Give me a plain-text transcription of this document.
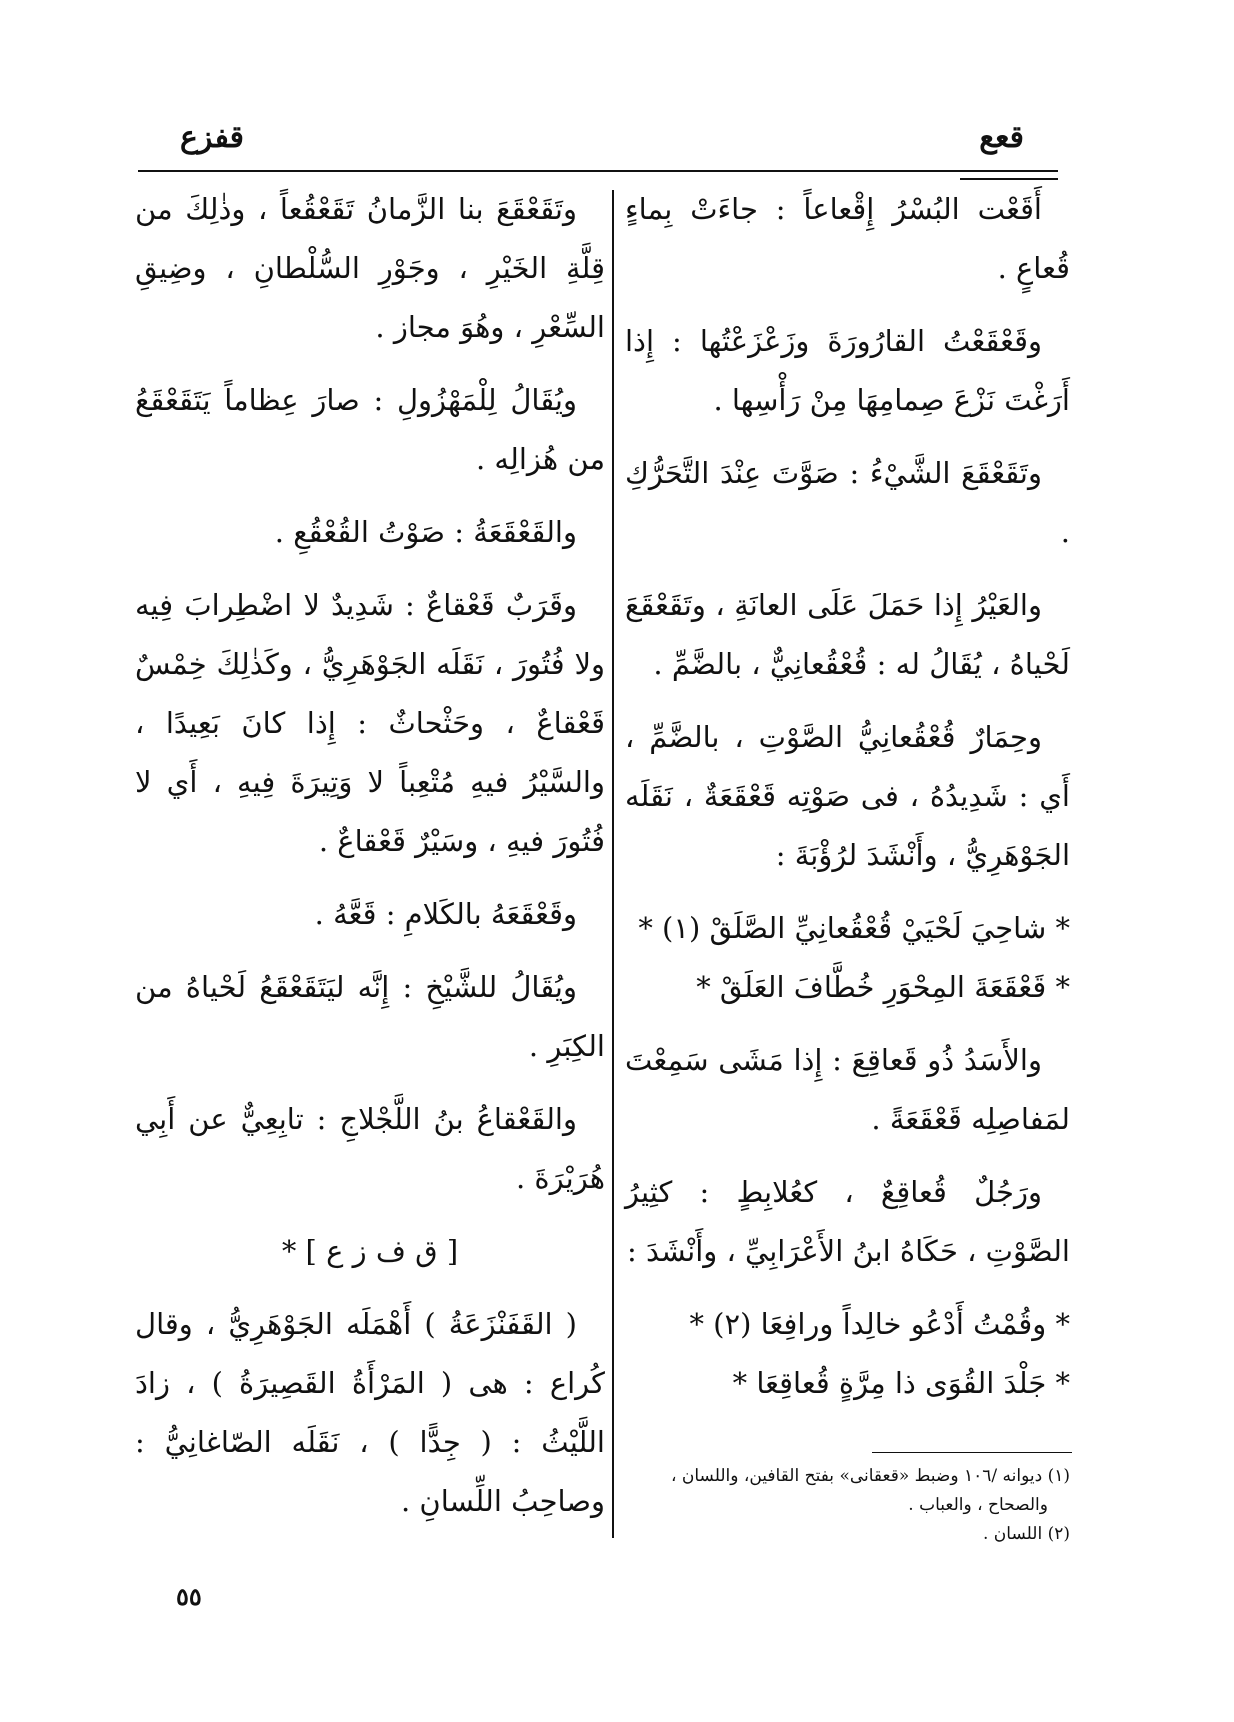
قفزع	قعع

أَقَعْت البُسْرُ إِقْعاعاً : جاءَتْ بِماءٍ قُعاعٍ .

وقَعْقَعْتُ القارُورَةَ وزَعْزَعْتُها : إِذا أَرَغْتَ نَزْعَ صِمامِهَا مِنْ رَأْسِها .

وتَقَعْقَعَ الشَّيْءُ : صَوَّتَ عِنْدَ التَّحَرُّكِ .

والعَيْرُ إِذا حَمَلَ عَلَى العانَةِ ، وتَقَعْقَعَ لَحْياهُ ، يُقَالُ له : قُعْقُعانِيٌّ ، بالضَّمِّ .

وحِمَارٌ قُعْقُعانِيُّ الصَّوْتِ ، بالضَّمِّ ، أَي : شَدِيدُهُ ، فى صَوْتِه قَعْقَعَةٌ ، نَقَلَه الجَوْهَرِيُّ ، وأَنْشَدَ لرُؤْبَةَ :

* شاحِيَ لَحْيَيْ قُعْقُعانِيِّ الصَّلَقْ (١) *

* قَعْقَعَةَ المِحْوَرِ خُطَّافَ العَلَقْ *

والأَسَدُ ذُو قَعاقِعَ : إِذا مَشَى سَمِعْتَ لمَفاصِلِه قَعْقَعَةً .

ورَجُلٌ قُعاقِعٌ ، كعُلابِطٍ : كثِيرُ الصَّوْتِ ، حَكَاهُ ابنُ الأَعْرَابِيِّ ، وأَنْشَدَ :

* وقُمْتُ أَدْعُو خالِداً ورافِعَا (٢) *

* جَلْدَ القُوَى ذا مِرَّةٍ قُعاقِعَا *

وتَقَعْقَعَ بنا الزَّمانُ تَقَعْقُعاً ، وذٰلِكَ من قِلَّةِ الخَيْرِ ، وجَوْرِ السُّلْطانِ ، وضِيقِ السِّعْرِ ، وهُوَ مجاز .

ويُقَالُ لِلْمَهْزُولِ : صارَ عِظاماً يَتَقَعْقَعُ من هُزالِه .

والقَعْقَعَةُ : صَوْتُ القُعْقُعِ .

وقَرَبٌ قَعْقاعٌ : شَدِيدٌ لا اضْطِرابَ فِيه ولا فُتُورَ ، نَقَلَه الجَوْهَرِيُّ ، وكَذٰلِكَ خِمْسٌ قَعْقاعٌ ، وحَثْحاثٌ : إِذا كانَ بَعِيدًا ، والسَّيْرُ فيهِ مُتْعِباً لا وَتِيرَةَ فِيهِ ، أَي لا فُتُورَ فيهِ ، وسَيْرٌ قَعْقاعٌ .

وقَعْقَعَهُ بالكَلامِ : قَعَّهُ .

ويُقَالُ للشَّيْخِ : إِنَّه ليَتَقَعْقَعُ لَحْياهُ من الكِبَرِ .

والقَعْقاعُ بنُ اللَّجْلاجِ : تابِعِيٌّ عن أَبِي هُرَيْرَةَ .

[ ق ف ز ع ] *

( القَفَنْزَعَةُ ) أَهْمَلَه الجَوْهَرِيُّ ، وقال كُراع : هى ( المَرْأَةُ القَصِيرَةُ ) ، زادَ اللَّيْثُ : ( جِدًّا ) ، نَقَلَه الصّاغانِيُّ : وصاحِبُ اللِّسانِ .

(١) ديوانه /١٠٦ وضبط «قعقانى» بفتح القافين، واللسان ،

والصحاح ، والعباب .

(٢) اللسان .

٥٥
